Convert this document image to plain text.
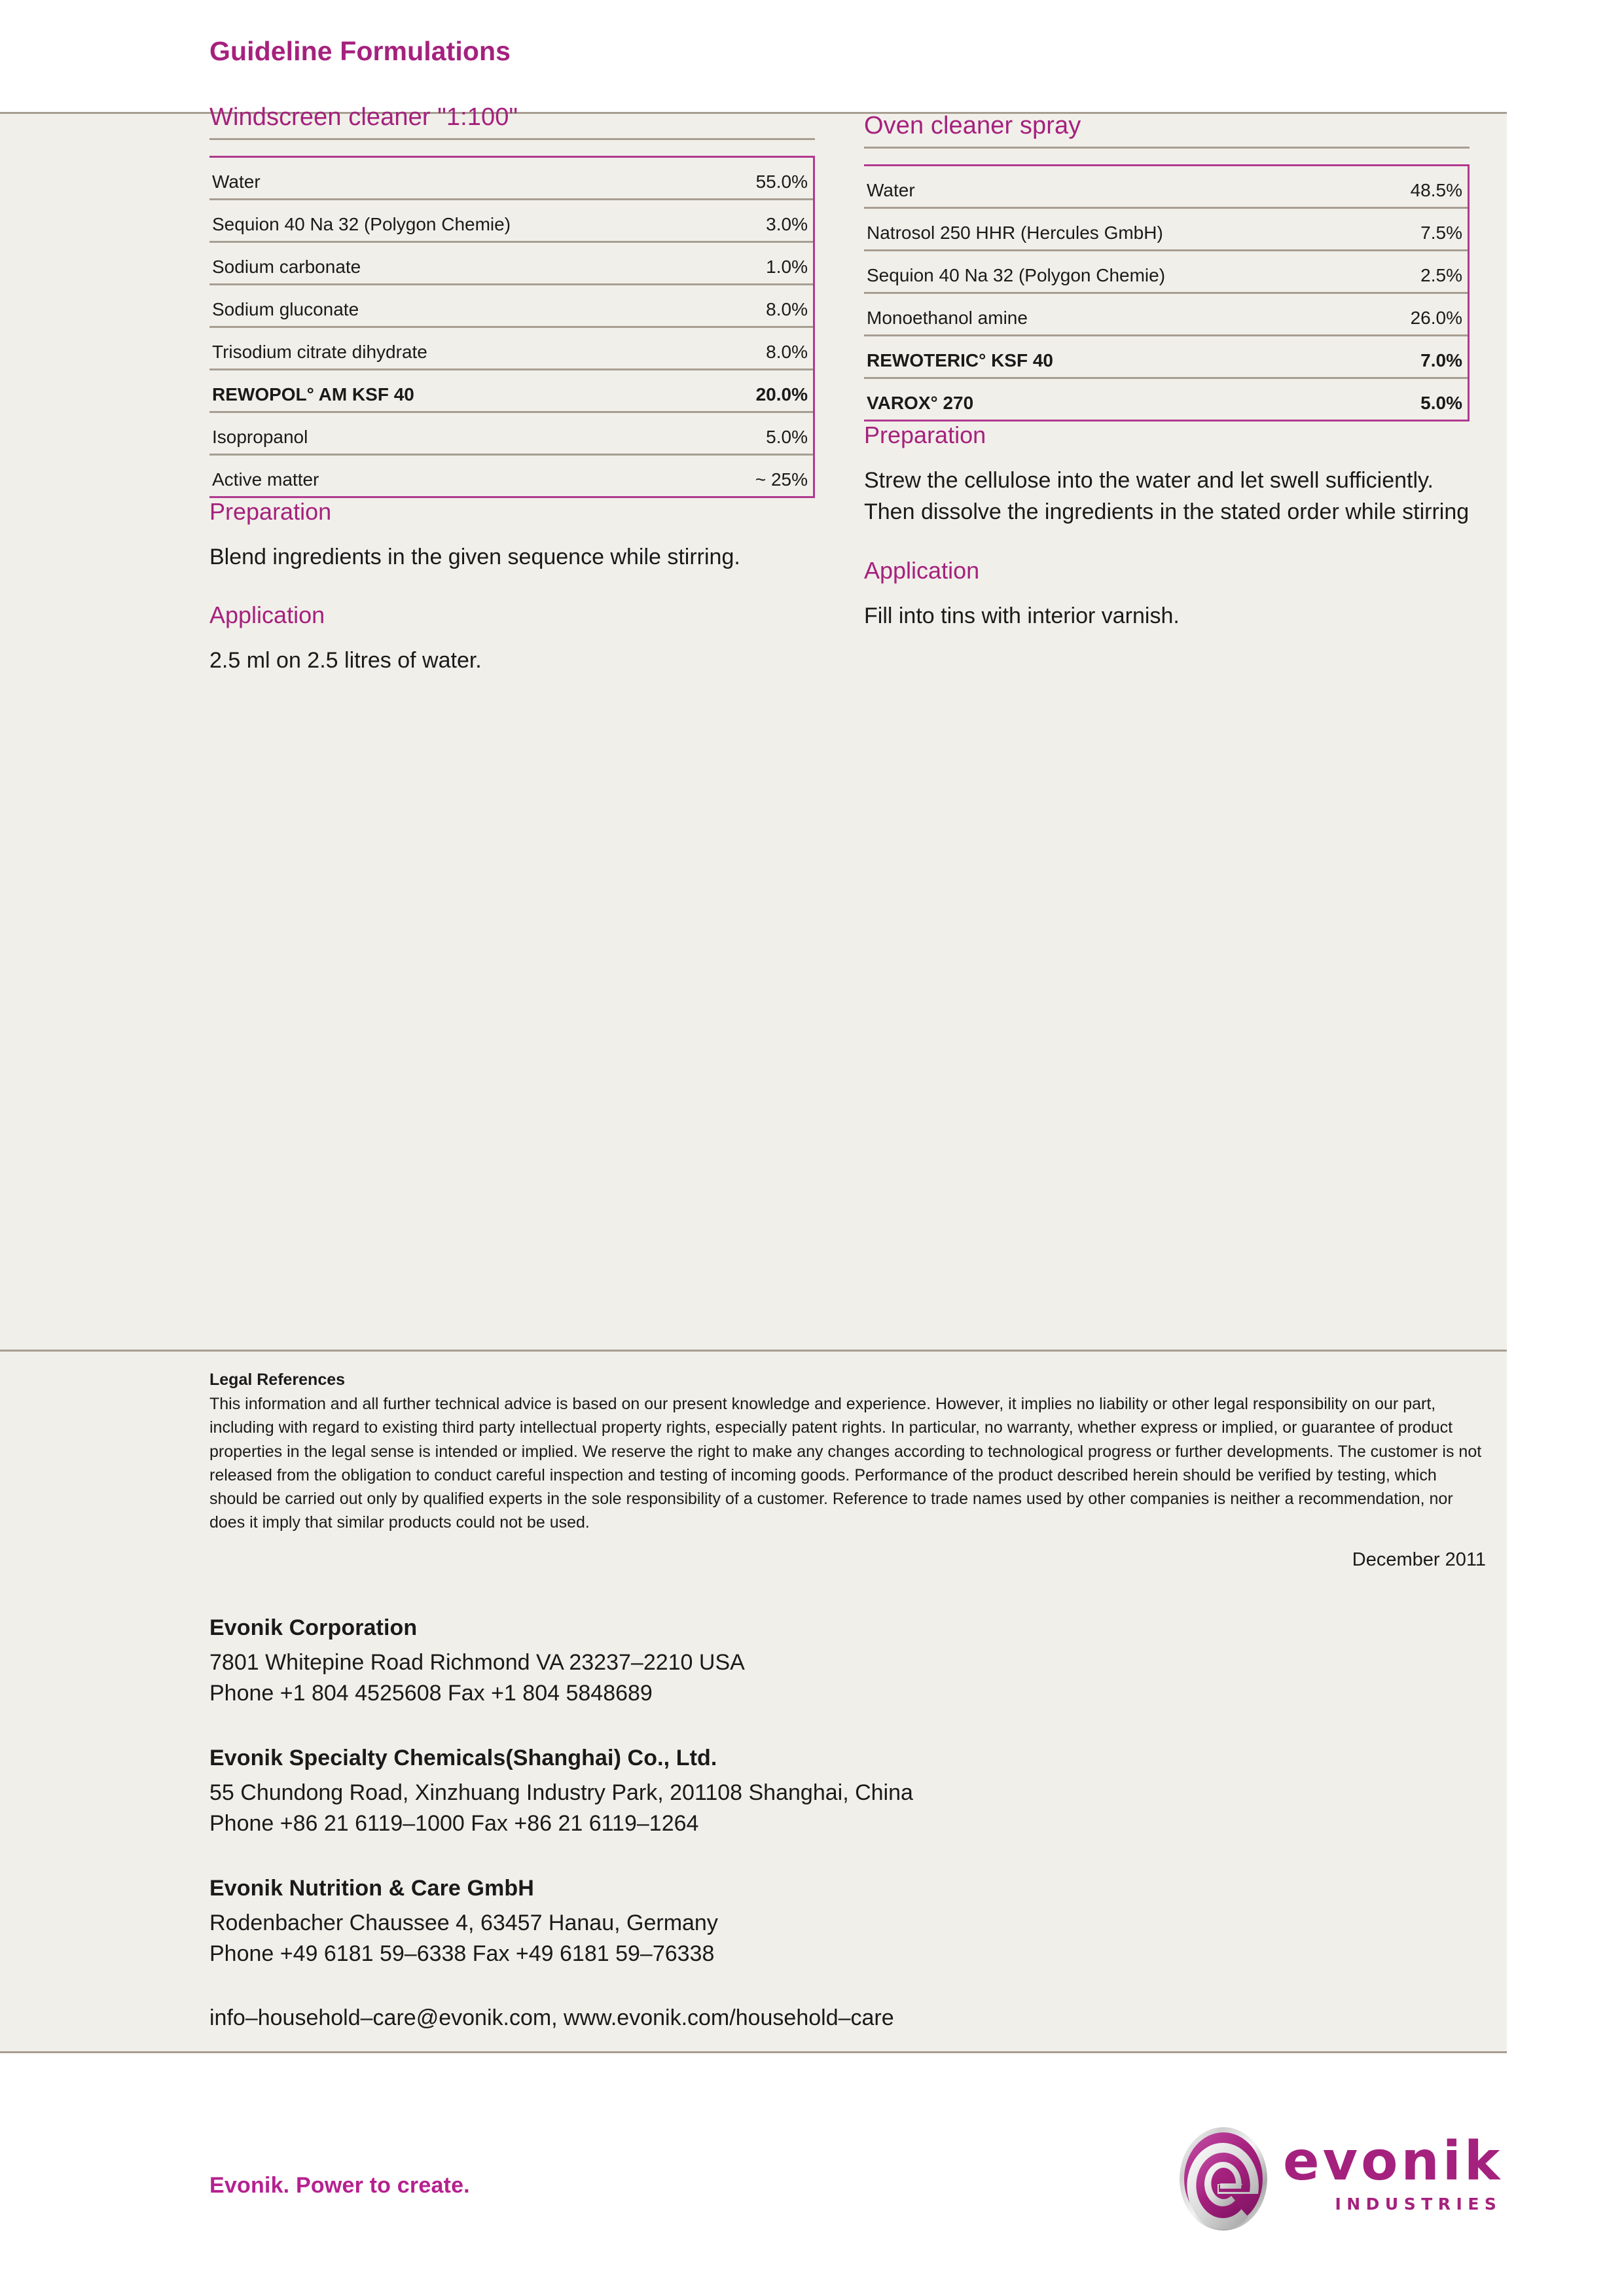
Guideline Formulations
Windscreen cleaner "1:100"
Water	55.0%
Sequion 40 Na 32 (Polygon Chemie)	3.0%
Sodium carbonate	1.0%
Sodium gluconate	8.0%
Trisodium citrate dihydrate	8.0%
REWOPOL° AM KSF 40	20.0%
Isopropanol	5.0%
Active matter	~ 25%
Preparation

Blend ingredients in the given sequence while stirring.

Application

2.5 ml on 2.5 litres of water.

Oven cleaner spray
Water	48.5%
Natrosol 250 HHR (Hercules GmbH)	7.5%
Sequion 40 Na 32 (Polygon Chemie)	2.5%
Monoethanol amine	26.0%
REWOTERIC° KSF 40	7.0%
VAROX° 270	5.0%
Preparation

Strew the cellulose into the water and let swell sufficiently. Then dissolve the ingredients in the stated order while stirring

Application

Fill into tins with interior varnish.

Legal References

This information and all further technical advice is based on our present knowledge and experience. However, it implies no liability or other legal responsibility on our part, including with regard to existing third party intellectual property rights, especially patent rights. In particular, no warranty, whether express or implied, or guarantee of product properties in the legal sense is intended or implied. We reserve the right to make any changes according to technological progress or further developments. The customer is not released from the obligation to conduct careful inspection and testing of incoming goods. Performance of the product described herein should be verified by testing, which should be carried out only by qualified experts in the sole responsibility of a customer. Reference to trade names used by other companies is neither a recommendation, nor does it imply that similar products could not be used.

December 2011

Evonik Corporation

7801 Whitepine Road Richmond VA 23237–2210 USA

Phone +1 804 4525608 Fax +1 804 5848689

Evonik Specialty Chemicals(Shanghai) Co., Ltd.

55 Chundong Road, Xinzhuang Industry Park, 201108 Shanghai, China

Phone +86 21 6119–1000 Fax +86 21 6119–1264

Evonik Nutrition & Care GmbH

Rodenbacher Chaussee 4, 63457 Hanau, Germany

Phone +49 6181 59–6338 Fax +49 6181 59–76338

info–household–care@evonik.com, www.evonik.com/household–care

Evonik. Power to create.	evonik
INDUSTRIES
